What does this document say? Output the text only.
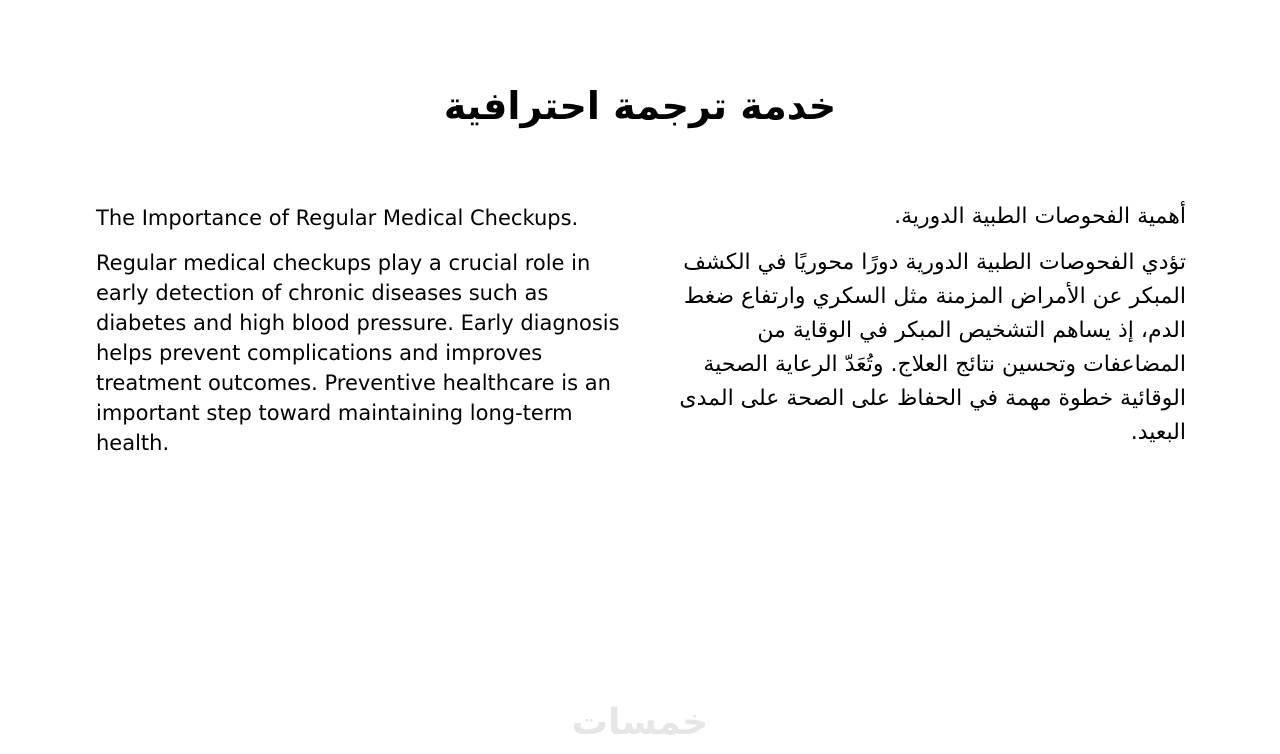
خدمة ترجمة احترافية

The Importance of Regular Medical Checkups.

Regular medical checkups play a crucial role in early detection of chronic diseases such as diabetes and high blood pressure. Early diagnosis helps prevent complications and improves treatment outcomes. Preventive healthcare is an important step toward maintaining long-term health.

أهمية الفحوصات الطبية الدورية.

تؤدي الفحوصات الطبية الدورية دورًا محوريًا في الكشف المبكر عن الأمراض المزمنة مثل السكري وارتفاع ضغط الدم، إذ يساهم التشخيص المبكر في الوقاية من المضاعفات وتحسين نتائج العلاج. وتُعَدّ الرعاية الصحية الوقائية خطوة مهمة في الحفاظ على الصحة على المدى البعيد.

خمسات
